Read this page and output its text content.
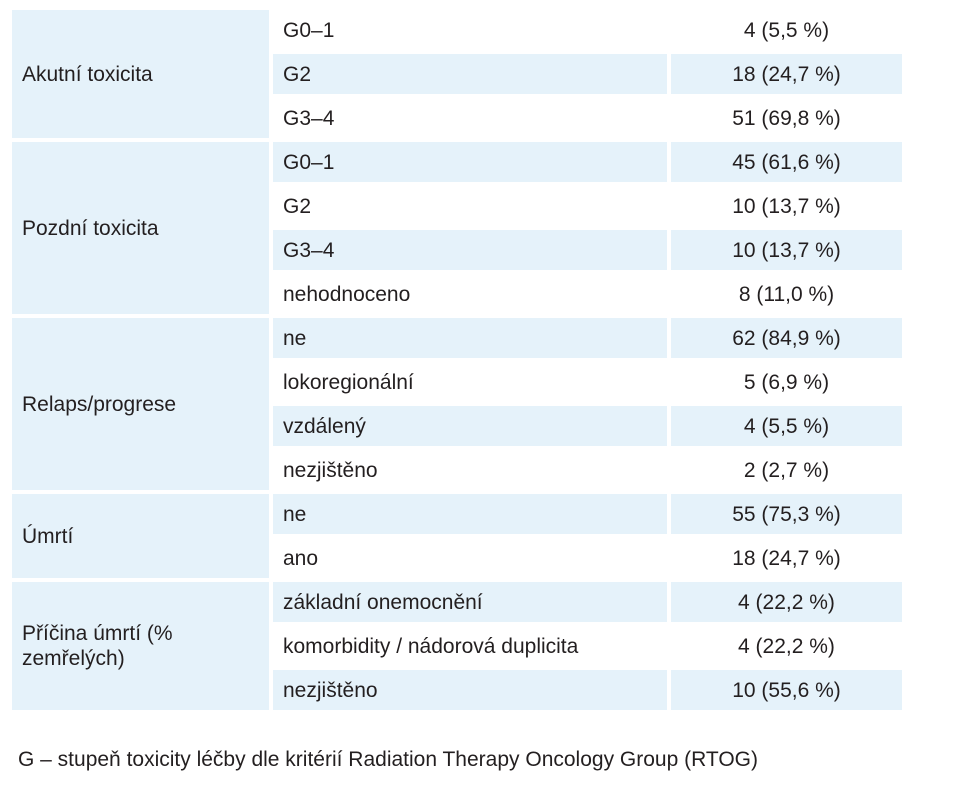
Akutní toxicita	G0–1	4 (5,5 %)
	G2	18 (24,7 %)
	G3–4	51 (69,8 %)
Pozdní toxicita	G0–1	45 (61,6 %)
	G2	10 (13,7 %)
	G3–4	10 (13,7 %)
	nehodnoceno	8 (11,0 %)
Relaps/progrese	ne	62 (84,9 %)
	lokoregionální	5 (6,9 %)
	vzdálený	4 (5,5 %)
	nezjištěno	2 (2,7 %)
Úmrtí	ne	55 (75,3 %)
	ano	18 (24,7 %)
Příčina úmrtí (% zemřelých)	základní onemocnění	4 (22,2 %)
	komorbidity / nádorová duplicita	4 (22,2 %)
	nezjištěno	10 (55,6 %)
G – stupeň toxicity léčby dle kritérií Radiation Therapy Oncology Group (RTOG)
